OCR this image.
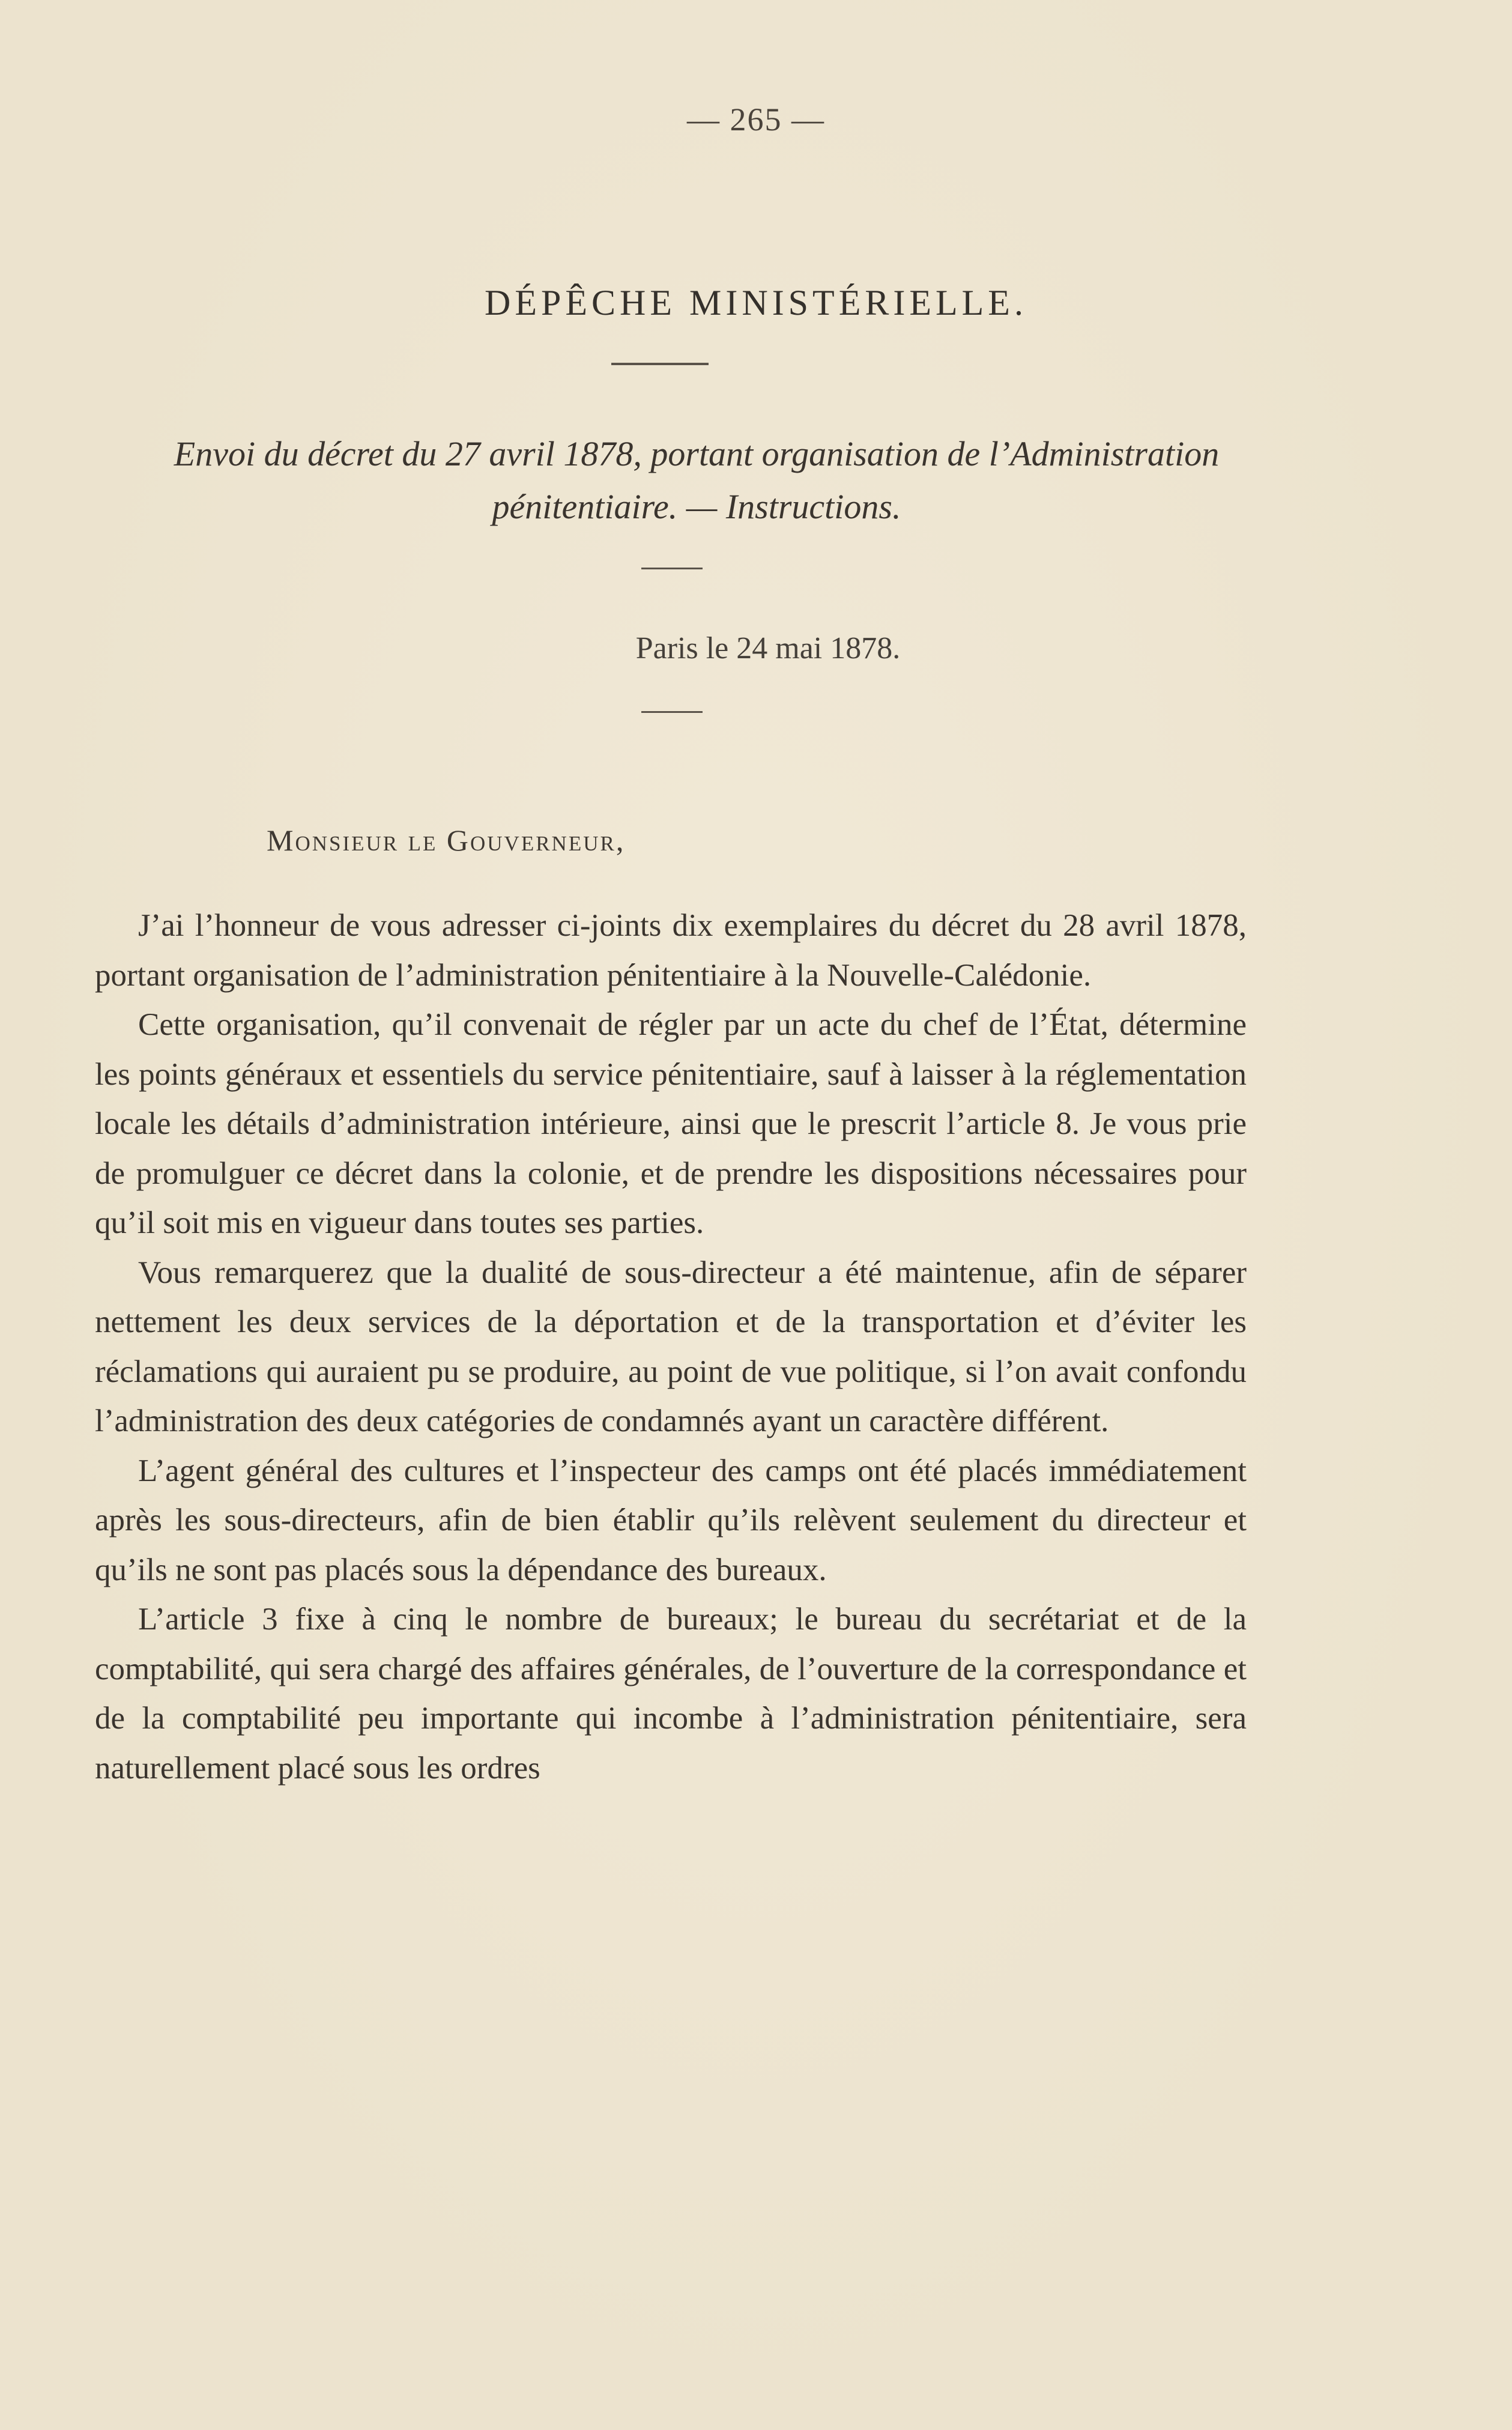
— 265 —
DÉPÊCHE MINISTÉRIELLE.
Envoi du décret du 27 avril 1878, portant organisation de l’Administration
pénitentiaire. — Instructions.
Paris le 24 mai 1878.
Monsieur le Gouverneur,

J’ai l’honneur de vous adresser ci-joints dix exemplaires du décret du 28 avril 1878, portant organisation de l’administration pénitentiaire à la Nouvelle-Calédonie.

Cette organisation, qu’il convenait de régler par un acte du chef de l’État, détermine les points généraux et essentiels du service pénitentiaire, sauf à laisser à la réglementation locale les détails d’administration intérieure, ainsi que le prescrit l’article 8. Je vous prie de promulguer ce décret dans la colonie, et de prendre les dispositions nécessaires pour qu’il soit mis en vigueur dans toutes ses parties.

Vous remarquerez que la dualité de sous-directeur a été maintenue, afin de séparer nettement les deux services de la déportation et de la transportation et d’éviter les réclamations qui auraient pu se produire, au point de vue politique, si l’on avait confondu l’administration des deux catégories de condamnés ayant un caractère différent.

L’agent général des cultures et l’inspecteur des camps ont été placés immédiatement après les sous-directeurs, afin de bien établir qu’ils relèvent seulement du directeur et qu’ils ne sont pas placés sous la dépendance des bureaux.

L’article 3 fixe à cinq le nombre de bureaux; le bureau du secrétariat et de la comptabilité, qui sera chargé des affaires générales, de l’ouverture de la correspondance et de la comptabilité peu importante qui incombe à l’administration pénitentiaire, sera naturellement placé sous les ordres
